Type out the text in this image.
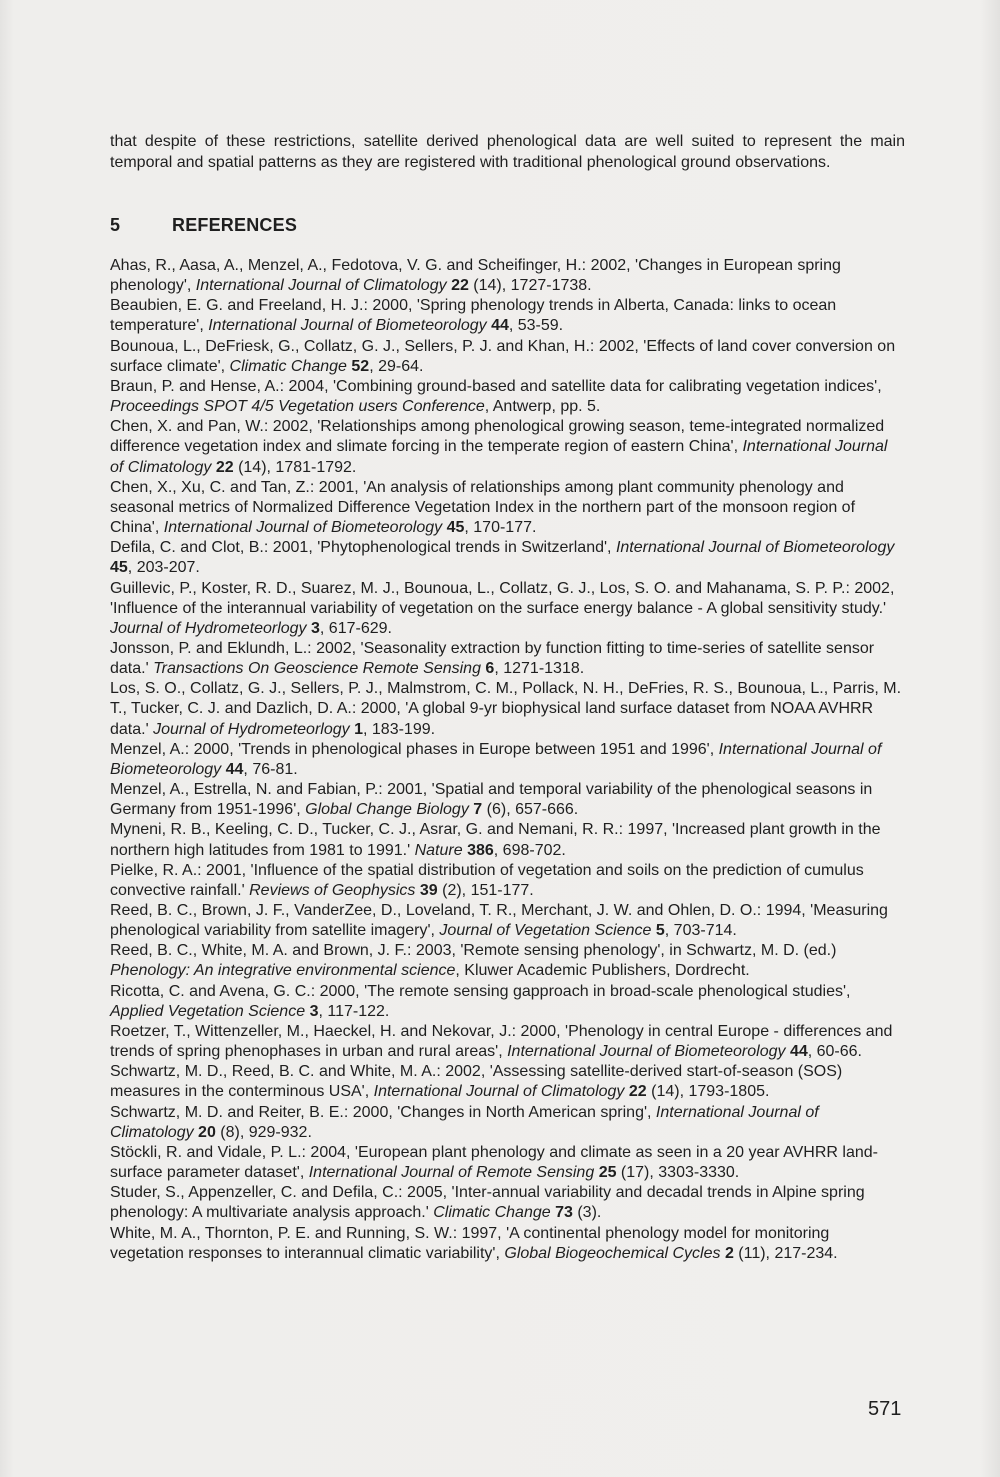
that despite of these restrictions, satellite derived phenological data are well suited to represent the main temporal and spatial patterns as they are registered with traditional phenological ground observations.

5	REFERENCES

Ahas, R., Aasa, A., Menzel, A., Fedotova, V. G. and Scheifinger, H.: 2002, 'Changes in European spring phenology', International Journal of Climatology 22 (14), 1727-1738.

Beaubien, E. G. and Freeland, H. J.: 2000, 'Spring phenology trends in Alberta, Canada: links to ocean temperature', International Journal of Biometeorology 44, 53-59.

Bounoua, L., DeFriesk, G., Collatz, G. J., Sellers, P. J. and Khan, H.: 2002, 'Effects of land cover conversion on surface climate', Climatic Change 52, 29-64.

Braun, P. and Hense, A.: 2004, 'Combining ground-based and satellite data for calibrating vegetation indices', Proceedings SPOT 4/5 Vegetation users Conference, Antwerp, pp. 5.

Chen, X. and Pan, W.: 2002, 'Relationships among phenological growing season, teme-integrated normalized difference vegetation index and slimate forcing in the temperate region of eastern China', International Journal of Climatology 22 (14), 1781-1792.

Chen, X., Xu, C. and Tan, Z.: 2001, 'An analysis of relationships among plant community phenology and seasonal metrics of Normalized Difference Vegetation Index in the northern part of the monsoon region of China', International Journal of Biometeorology 45, 170-177.

Defila, C. and Clot, B.: 2001, 'Phytophenological trends in Switzerland', International Journal of Biometeorology 45, 203-207.

Guillevic, P., Koster, R. D., Suarez, M. J., Bounoua, L., Collatz, G. J., Los, S. O. and Mahanama, S. P. P.: 2002, 'Influence of the interannual variability of vegetation on the surface energy balance - A global sensitivity study.' Journal of Hydrometeorlogy 3, 617-629.

Jonsson, P. and Eklundh, L.: 2002, 'Seasonality extraction by function fitting to time-series of satellite sensor data.' Transactions On Geoscience Remote Sensing 6, 1271-1318.

Los, S. O., Collatz, G. J., Sellers, P. J., Malmstrom, C. M., Pollack, N. H., DeFries, R. S., Bounoua, L., Parris, M. T., Tucker, C. J. and Dazlich, D. A.: 2000, 'A global 9-yr biophysical land surface dataset from NOAA AVHRR data.' Journal of Hydrometeorlogy 1, 183-199.

Menzel, A.: 2000, 'Trends in phenological phases in Europe between 1951 and 1996', International Journal of Biometeorology 44, 76-81.

Menzel, A., Estrella, N. and Fabian, P.: 2001, 'Spatial and temporal variability of the phenological seasons in Germany from 1951-1996', Global Change Biology 7 (6), 657-666.

Myneni, R. B., Keeling, C. D., Tucker, C. J., Asrar, G. and Nemani, R. R.: 1997, 'Increased plant growth in the northern high latitudes from 1981 to 1991.' Nature 386, 698-702.

Pielke, R. A.: 2001, 'Influence of the spatial distribution of vegetation and soils on the prediction of cumulus convective rainfall.' Reviews of Geophysics 39 (2), 151-177.

Reed, B. C., Brown, J. F., VanderZee, D., Loveland, T. R., Merchant, J. W. and Ohlen, D. O.: 1994, 'Measuring phenological variability from satellite imagery', Journal of Vegetation Science 5, 703-714.

Reed, B. C., White, M. A. and Brown, J. F.: 2003, 'Remote sensing phenology', in Schwartz, M. D. (ed.) Phenology: An integrative environmental science, Kluwer Academic Publishers, Dordrecht.

Ricotta, C. and Avena, G. C.: 2000, 'The remote sensing gapproach in broad-scale phenological studies', Applied Vegetation Science 3, 117-122.

Roetzer, T., Wittenzeller, M., Haeckel, H. and Nekovar, J.: 2000, 'Phenology in central Europe - differences and trends of spring phenophases in urban and rural areas', International Journal of Biometeorology 44, 60-66.

Schwartz, M. D., Reed, B. C. and White, M. A.: 2002, 'Assessing satellite-derived start-of-season (SOS) measures in the conterminous USA', International Journal of Climatology 22 (14), 1793-1805.

Schwartz, M. D. and Reiter, B. E.: 2000, 'Changes in North American spring', International Journal of Climatology 20 (8), 929-932.

Stöckli, R. and Vidale, P. L.: 2004, 'European plant phenology and climate as seen in a 20 year AVHRR land-surface parameter dataset', International Journal of Remote Sensing 25 (17), 3303-3330.

Studer, S., Appenzeller, C. and Defila, C.: 2005, 'Inter-annual variability and decadal trends in Alpine spring phenology: A multivariate analysis approach.' Climatic Change 73 (3).

White, M. A., Thornton, P. E. and Running, S. W.: 1997, 'A continental phenology model for monitoring vegetation responses to interannual climatic variability', Global Biogeochemical Cycles 2 (11), 217-234.

571
